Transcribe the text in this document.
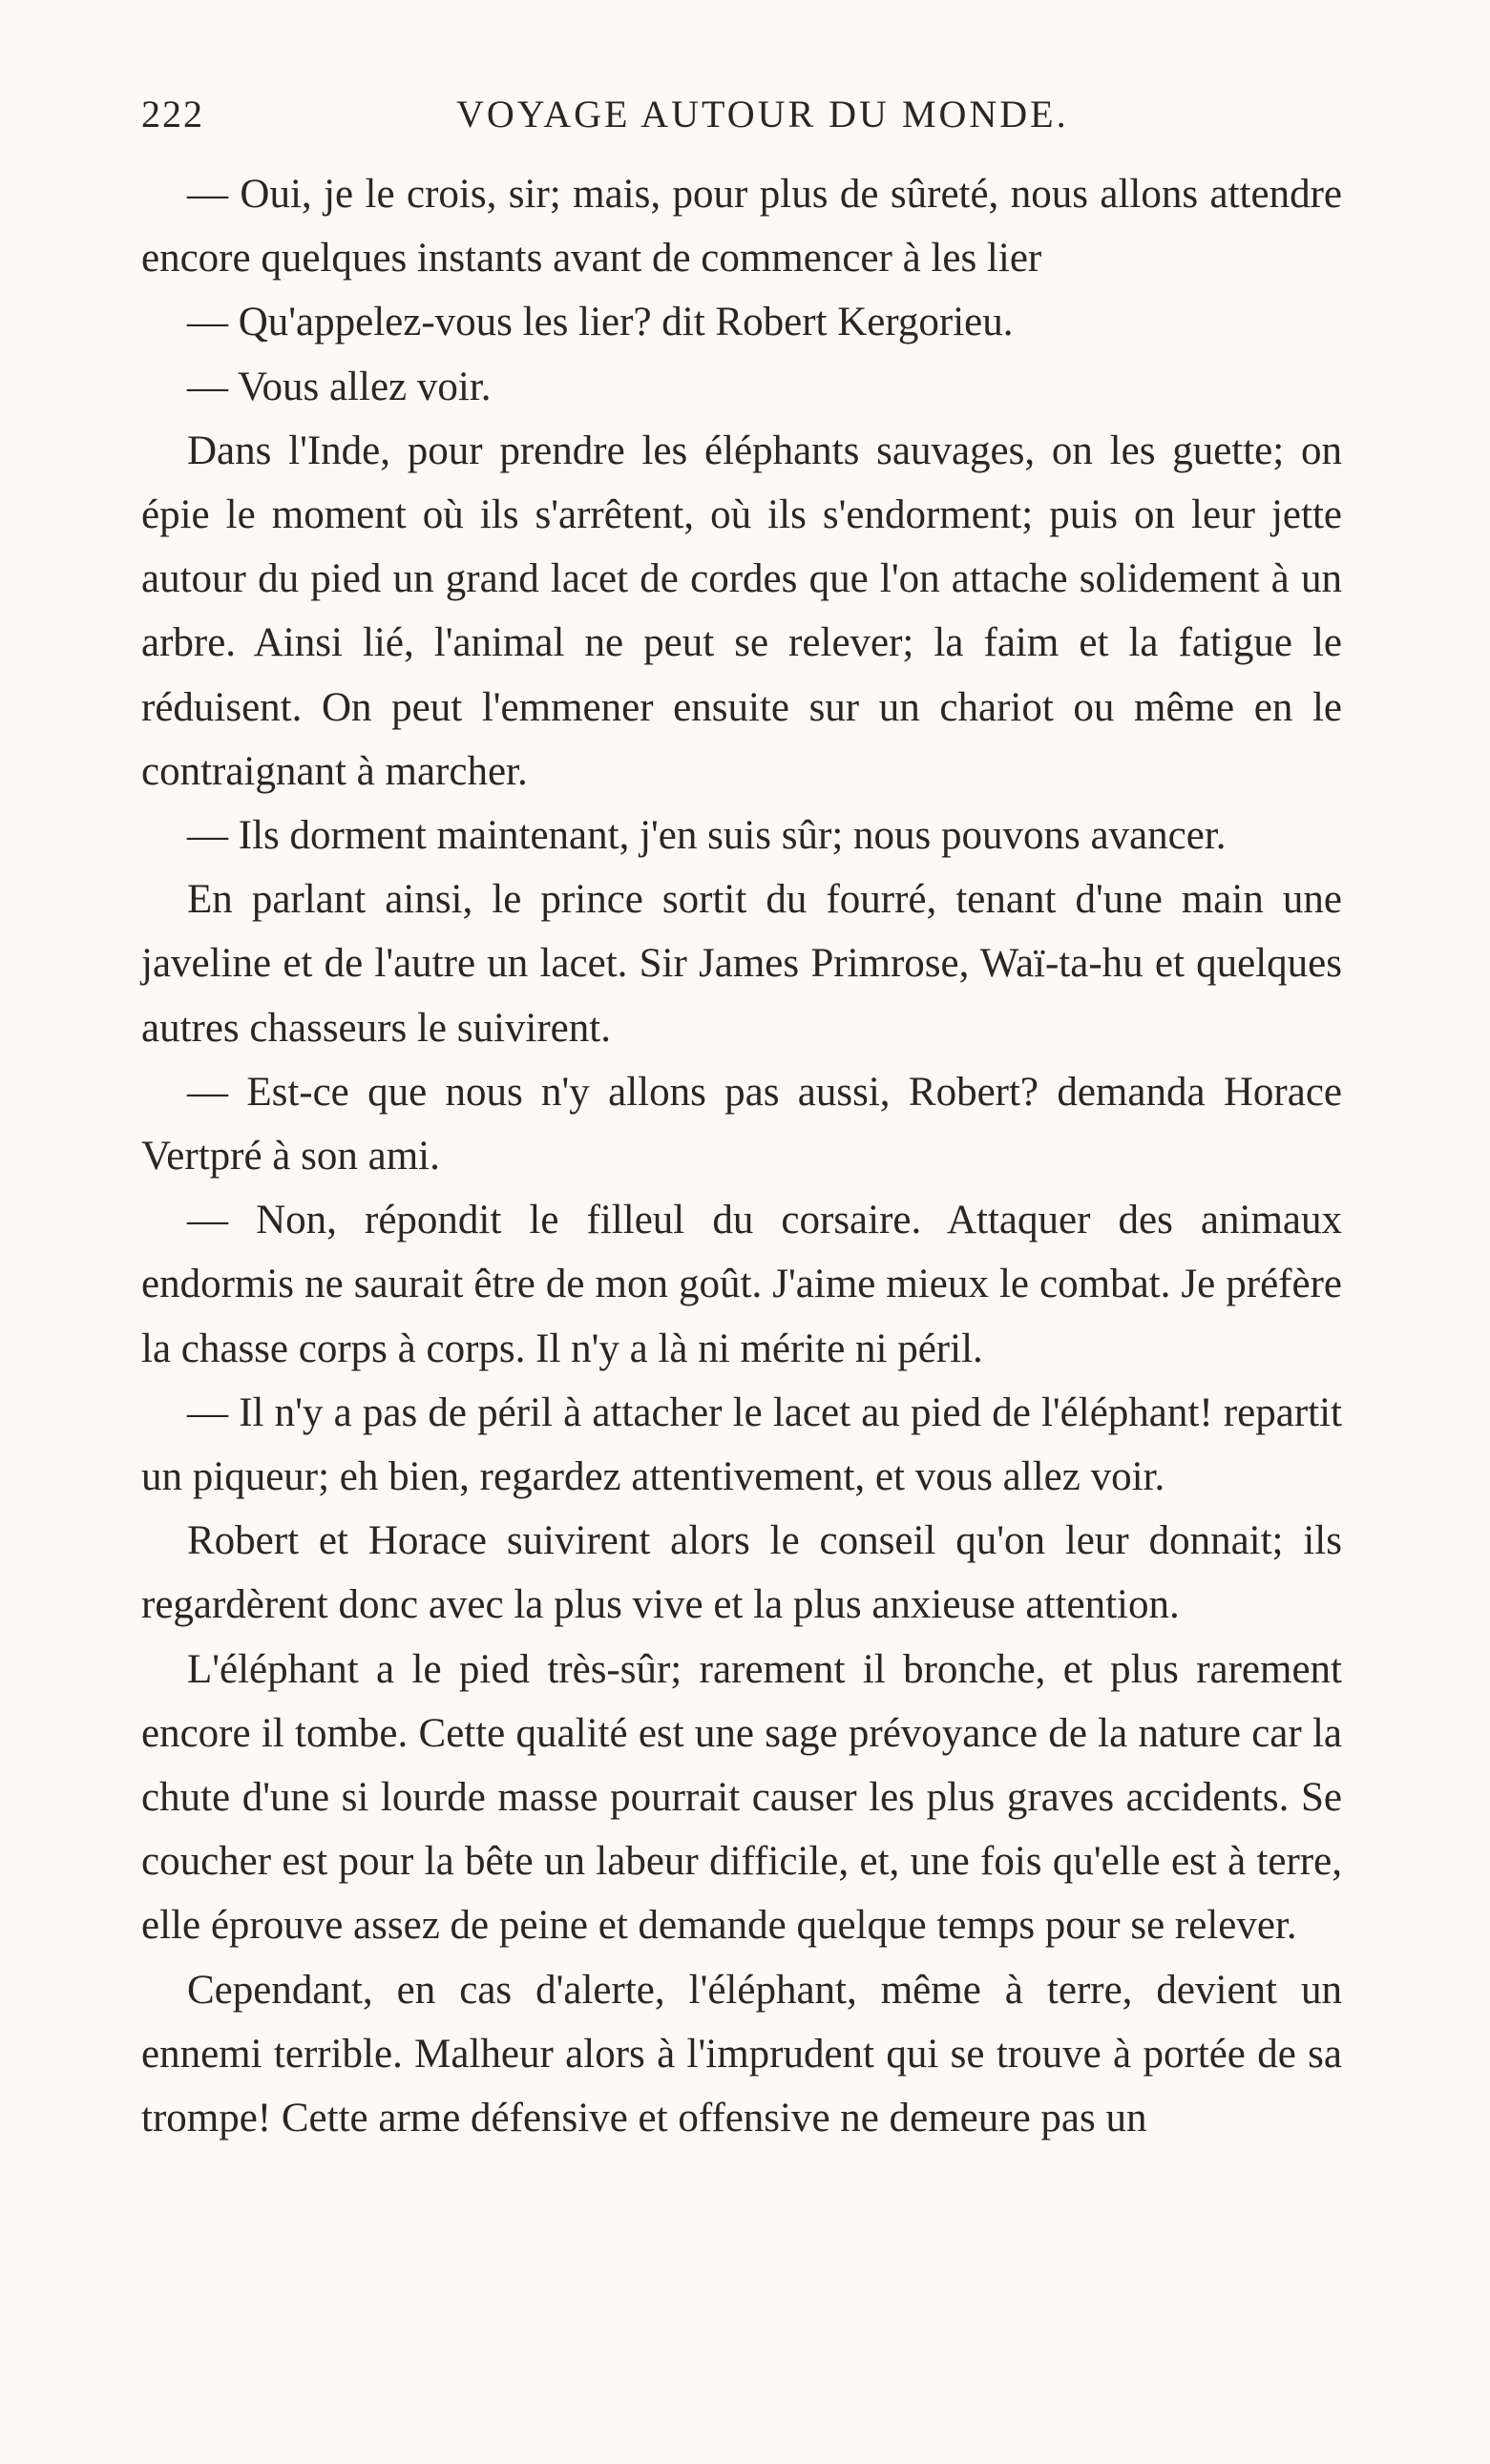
222	VOYAGE AUTOUR DU MONDE.

— Oui, je le crois, sir; mais, pour plus de sûreté, nous allons attendre encore quelques instants avant de commencer à les lier

— Qu'appelez-vous les lier? dit Robert Kergorieu.

— Vous allez voir.

Dans l'Inde, pour prendre les éléphants sauvages, on les guette; on épie le moment où ils s'arrêtent, où ils s'endorment; puis on leur jette autour du pied un grand lacet de cordes que l'on attache solidement à un arbre. Ainsi lié, l'animal ne peut se relever; la faim et la fatigue le réduisent. On peut l'emmener ensuite sur un chariot ou même en le contraignant à marcher.

— Ils dorment maintenant, j'en suis sûr; nous pouvons avancer.

En parlant ainsi, le prince sortit du fourré, tenant d'une main une javeline et de l'autre un lacet. Sir James Primrose, Waï-ta-hu et quelques autres chasseurs le suivirent.

— Est-ce que nous n'y allons pas aussi, Robert? demanda Horace Vertpré à son ami.

— Non, répondit le filleul du corsaire. Attaquer des animaux endormis ne saurait être de mon goût. J'aime mieux le combat. Je préfère la chasse corps à corps. Il n'y a là ni mérite ni péril.

— Il n'y a pas de péril à attacher le lacet au pied de l'éléphant! repartit un piqueur; eh bien, regardez attentivement, et vous allez voir.

Robert et Horace suivirent alors le conseil qu'on leur donnait; ils regardèrent donc avec la plus vive et la plus anxieuse attention.

L'éléphant a le pied très-sûr; rarement il bronche, et plus rarement encore il tombe. Cette qualité est une sage prévoyance de la nature car la chute d'une si lourde masse pourrait causer les plus graves accidents. Se coucher est pour la bête un labeur difficile, et, une fois qu'elle est à terre, elle éprouve assez de peine et demande quelque temps pour se relever.

Cependant, en cas d'alerte, l'éléphant, même à terre, devient un ennemi terrible. Malheur alors à l'imprudent qui se trouve à portée de sa trompe! Cette arme défensive et offensive ne demeure pas un
